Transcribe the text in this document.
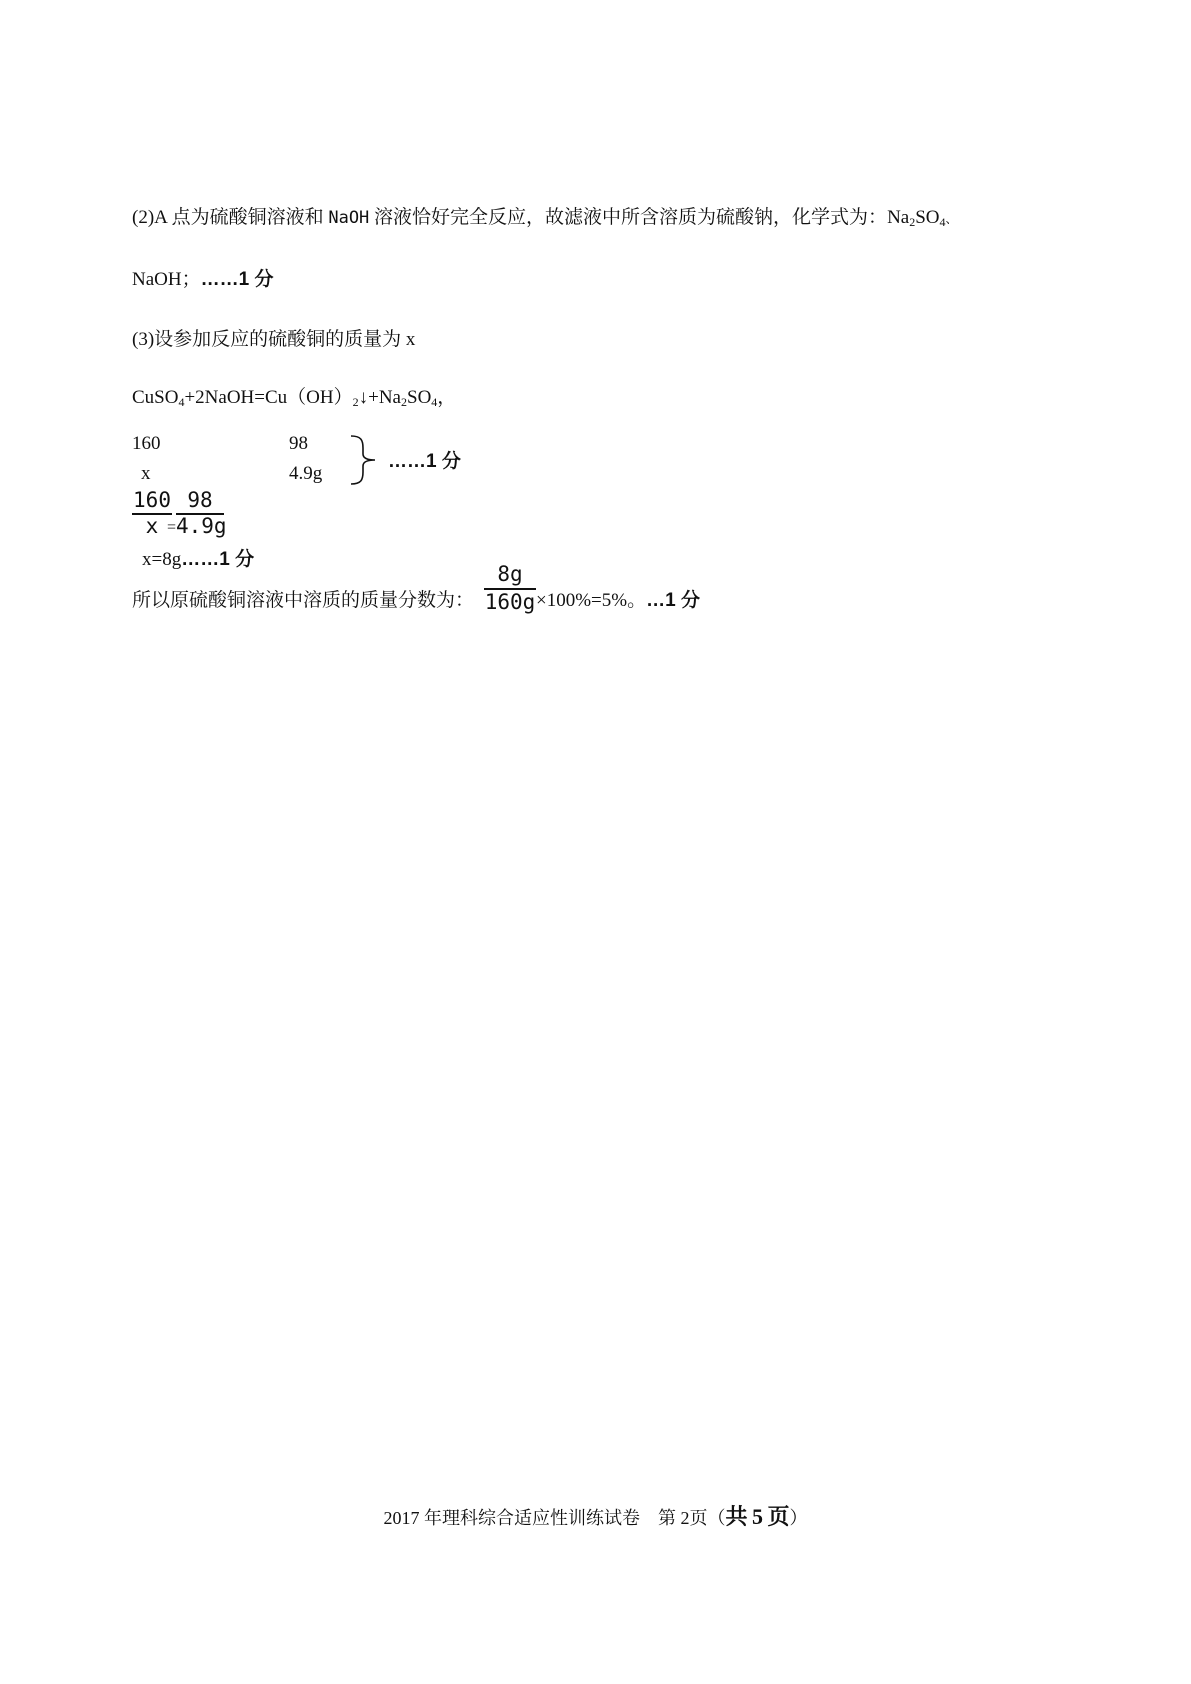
(2)A 点为硫酸铜溶液和 NaOH 溶液恰好完全反应，故滤液中所含溶质为硫酸钠，化学式为：$Na_2SO_4$、
NaOH；……1 分
(3)设参加反应的硫酸铜的质量为 x
$CuSO_4+2NaOH=Cu(OH)_2↓+Na_2SO_4$，
160	98
x	4.9g
……1 分
160
x =
98
4.9g
x=8g……1 分
所以原硫酸铜溶液中溶质的质量分数为：
8g
160g ×100%=5%。…1 分
2017 年理科综合适应性训练试卷　第 2页（共 5 页）
